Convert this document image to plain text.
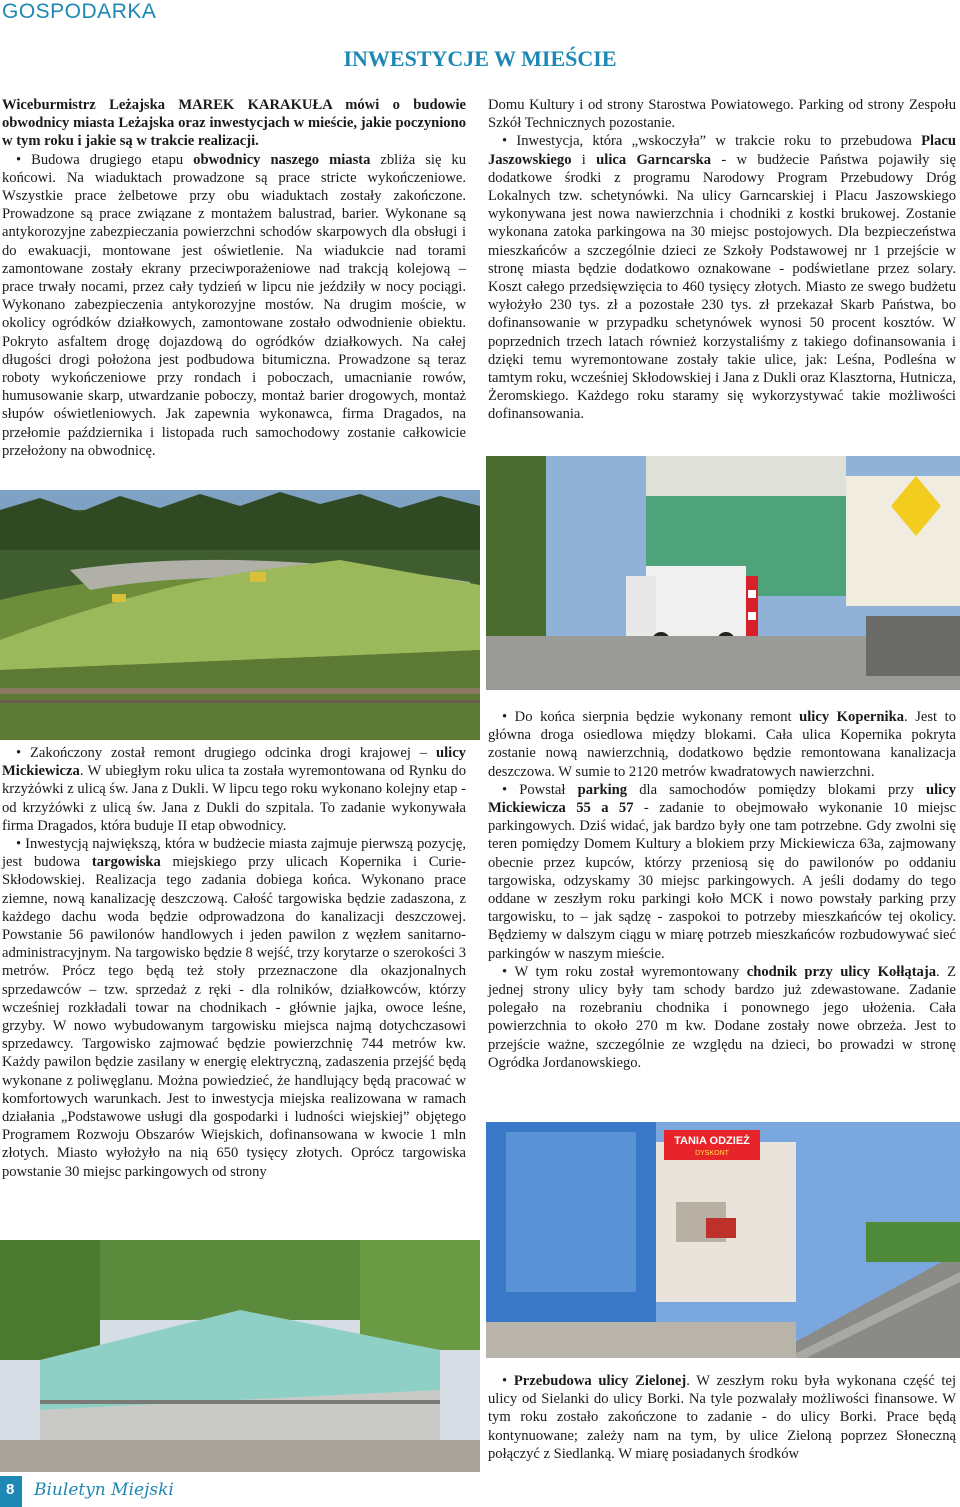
GOSPODARKA
INWESTYCJE W MIEŚCIE

Wiceburmistrz Leżajska MAREK KARAKUŁA mówi o budowie obwodnicy miasta Leżajska oraz inwestycjach w mieście, jakie poczyniono w tym roku i jakie są w trakcie realizacji.

• Budowa drugiego etapu obwodnicy naszego miasta zbliża się ku końcowi. Na wiaduktach prowadzone są prace stricte wykończeniowe. Wszystkie prace żelbetowe przy obu wiaduktach zostały zakończone. Prowadzone są prace związane z montażem balustrad, barier. Wykonane są antykorozyjne zabezpieczania powierzchni schodów skarpowych dla obsługi i do ewakuacji, montowane jest oświetlenie. Na wiadukcie nad torami zamontowane zostały ekrany przeciwporażeniowe nad trakcją kolejową – prace trwały nocami, przez cały tydzień w lipcu nie jeździły w nocy pociągi. Wykonano zabezpieczenia antykorozyjne mostów. Na drugim moście, w okolicy ogródków działkowych, zamontowane zostało odwodnienie obiektu. Pokryto asfaltem drogę dojazdową do ogródków działkowych. Na całej długości drogi położona jest podbudowa bitumiczna. Prowadzone są teraz roboty wykończeniowe przy rondach i poboczach, umacnianie rowów, humusowanie skarp, utwardzanie poboczy, montaż barier drogowych, montaż słupów oświetleniowych. Jak zapewnia wykonawca, firma Dragados, na przełomie października i listopada ruch samochodowy zostanie całkowicie przełożony na obwodnicę.

Domu Kultury i od strony Starostwa Powiatowego. Parking od strony Zespołu Szkół Technicznych pozostanie.

• Inwestycja, która „wskoczyła” w trakcie roku to przebudowa Placu Jaszowskiego i ulica Garncarska - w budżecie Państwa pojawiły się dodatkowe środki z programu Narodowy Program Przebudowy Dróg Lokalnych tzw. schetynówki. Na ulicy Garncarskiej i Placu Jaszowskiego wykonywana jest nowa nawierzchnia i chodniki z kostki brukowej. Zostanie wykonana zatoka parkingowa na 30 miejsc postojowych. Dla bezpieczeństwa mieszkańców a szczególnie dzieci ze Szkoły Podstawowej nr 1 przejście w stronę miasta będzie dodatkowo oznakowane - podświetlane przez solary. Koszt całego przedsięwzięcia to 460 tysięcy złotych. Miasto ze swego budżetu wyłożyło 230 tys. zł a pozostałe 230 tys. zł przekazał Skarb Państwa, bo dofinansowanie w przypadku schetynówek wynosi 50 procent kosztów. W poprzednich trzech latach również korzystaliśmy z takiego dofinansowania i dzięki temu wyremontowane zostały takie ulice, jak: Leśna, Podleśna w tamtym roku, wcześniej Skłodowskiej i Jana z Dukli oraz Klasztorna, Hutnicza, Żeromskiego. Każdego roku staramy się wykorzystywać takie możliwości dofinansowania.

• Zakończony został remont drugiego odcinka drogi krajowej – ulicy Mickiewicza. W ubiegłym roku ulica ta została wyremontowana od Rynku do krzyżówki z ulicą św. Jana z Dukli. W lipcu tego roku wykonano kolejny etap - od krzyżówki z ulicą św. Jana z Dukli do szpitala. To zadanie wykonywała firma Dragados, która buduje II etap obwodnicy.

• Inwestycją największą, która w budżecie miasta zajmuje pierwszą pozycję, jest budowa targowiska miejskiego przy ulicach Kopernika i Curie-Skłodowskiej. Realizacja tego zadania dobiega końca. Wykonano prace ziemne, nową kanalizację deszczową. Całość targowiska będzie zadaszona, z każdego dachu woda będzie odprowadzona do kanalizacji deszczowej. Powstanie 56 pawilonów handlowych i jeden pawilon z węzłem sanitarno-administracyjnym. Na targowisko będzie 8 wejść, trzy korytarze o szerokości 3 metrów. Prócz tego będą też stoły przeznaczone dla okazjonalnych sprzedawców – tzw. sprzedaż z ręki - dla rolników, działkowców, którzy wcześniej rozkładali towar na chodnikach - głównie jajka, owoce leśne, grzyby. W nowo wybudowanym targowisku miejsca najmą dotychczasowi sprzedawcy. Targowisko zajmować będzie powierzchnię 744 metrów kw. Każdy pawilon będzie zasilany w energię elektryczną, zadaszenia przejść będą wykonane z poliwęglanu. Można powiedzieć, że handlujący będą pracować w komfortowych warunkach. Jest to inwestycja miejska realizowana w ramach działania „Podstawowe usługi dla gospodarki i ludności wiejskiej” objętego Programem Rozwoju Obszarów Wiejskich, dofinansowana w kwocie 1 mln złotych. Miasto wyłożyło na nią 650 tysięcy złotych. Oprócz targowiska powstanie 30 miejsc parkingowych od strony

• Do końca sierpnia będzie wykonany remont ulicy Kopernika. Jest to główna droga osiedlowa między blokami. Cała ulica Kopernika pokryta zostanie nową nawierzchnią, dodatkowo będzie remontowana kanalizacja deszczowa. W sumie to 2120 metrów kwadratowych nawierzchni.

• Powstał parking dla samochodów pomiędzy blokami przy ulicy Mickiewicza 55 a 57 - zadanie to obejmowało wykonanie 10 miejsc parkingowych. Dziś widać, jak bardzo były one tam potrzebne. Gdy zwolni się teren pomiędzy Domem Kultury a blokiem przy Mickiewicza 63a, zajmowany obecnie przez kupców, którzy przeniosą się do pawilonów po oddaniu targowiska, odzyskamy 30 miejsc parkingowych. A jeśli dodamy do tego oddane w zeszłym roku parkingi koło MCK i nowo powstały parking przy targowisku, to – jak sądzę - zaspokoi to potrzeby mieszkańców tej okolicy. Będziemy w dalszym ciągu w miarę potrzeb mieszkańców rozbudowywać sieć parkingów w naszym mieście.

• W tym roku został wyremontowany chodnik przy ulicy Kołłątaja. Z jednej strony ulicy były tam schody bardzo już zdewastowane. Zadanie polegało na rozebraniu chodnika i ponownego jego ułożenia. Cała powierzchnia to około 270 m kw. Dodane zostały nowe obrzeża. Jest to przejście ważne, szczególnie ze względu na dzieci, bo prowadzi w stronę Ogródka Jordanowskiego.

TANIA ODZIEŻ
DYSKONT

• Przebudowa ulicy Zielonej. W zeszłym roku była wykonana część tej ulicy od Sielanki do ulicy Borki. Na tyle pozwalały możliwości finansowe. W tym roku zostało zakończone to zadanie - do ulicy Borki. Prace będą kontynuowane; zależy nam na tym, by ulice Zieloną poprzez Słoneczną połączyć z Siedlanką. W miarę posiadanych środków

8 Biuletyn Miejski
